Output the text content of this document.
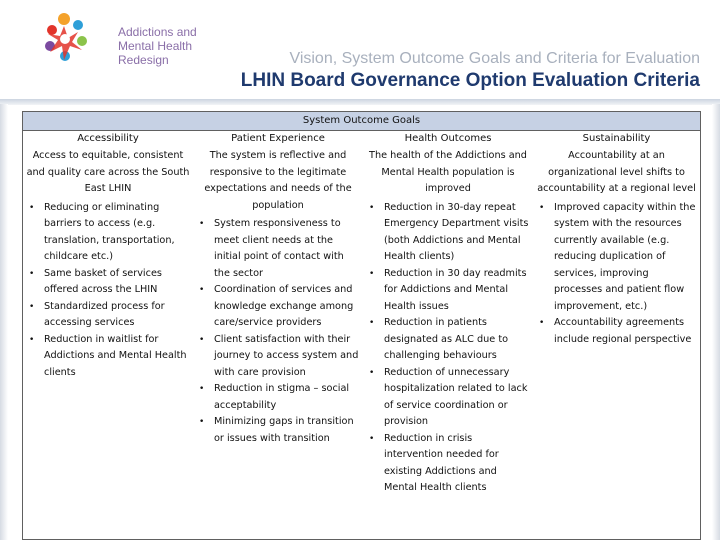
Addictions and
Mental Health
Redesign	Vision, System Outcome Goals and Criteria for Evaluation
LHIN Board Governance Option Evaluation Criteria
System Outcome Goals
Accessibility
Access to equitable, consistent and quality care across the South East LHIN
• Reducing or eliminating barriers to access (e.g. translation, transportation, childcare etc.)
• Same basket of services offered across the LHIN
• Standardized process for accessing services
• Reduction in waitlist for Addictions and Mental Health clients
Patient Experience
The system is reflective and responsive to the legitimate expectations and needs of the population
• System responsiveness to meet client needs at the initial point of contact with the sector
• Coordination of services and knowledge exchange among care/service providers
• Client satisfaction with their journey to access system and with care provision
• Reduction in stigma – social acceptability
• Minimizing gaps in transition or issues with transition
Health Outcomes
The health of the Addictions and Mental Health population is improved
• Reduction in 30-day repeat Emergency Department visits (both Addictions and Mental Health clients)
• Reduction in 30 day readmits for Addictions and Mental Health issues
• Reduction in patients designated as ALC due to challenging behaviours
• Reduction of unnecessary hospitalization related to lack of service coordination or provision
• Reduction in crisis intervention needed for existing Addictions and Mental Health clients
Sustainability
Accountability at an organizational level shifts to accountability at a regional level
• Improved capacity within the system with the resources currently available (e.g. reducing duplication of services, improving processes and patient flow improvement, etc.)
• Accountability agreements include regional perspective
